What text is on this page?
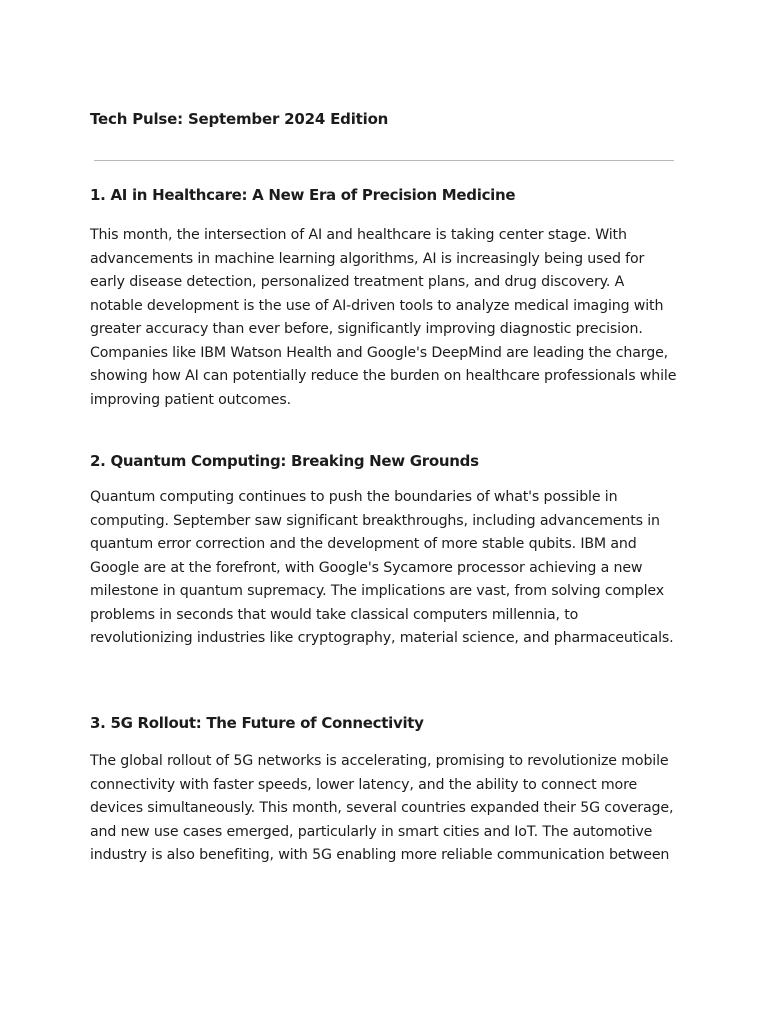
Tech Pulse: September 2024 Edition
1. AI in Healthcare: A New Era of Precision Medicine

This month, the intersection of AI and healthcare is taking center stage. With advancements in machine learning algorithms, AI is increasingly being used for early disease detection, personalized treatment plans, and drug discovery. A notable development is the use of AI-driven tools to analyze medical imaging with greater accuracy than ever before, significantly improving diagnostic precision. Companies like IBM Watson Health and Google's DeepMind are leading the charge, showing how AI can potentially reduce the burden on healthcare professionals while improving patient outcomes.

2. Quantum Computing: Breaking New Grounds

Quantum computing continues to push the boundaries of what's possible in computing. September saw significant breakthroughs, including advancements in quantum error correction and the development of more stable qubits. IBM and Google are at the forefront, with Google's Sycamore processor achieving a new milestone in quantum supremacy. The implications are vast, from solving complex problems in seconds that would take classical computers millennia, to revolutionizing industries like cryptography, material science, and pharmaceuticals.

3. 5G Rollout: The Future of Connectivity

The global rollout of 5G networks is accelerating, promising to revolutionize mobile connectivity with faster speeds, lower latency, and the ability to connect more devices simultaneously. This month, several countries expanded their 5G coverage, and new use cases emerged, particularly in smart cities and IoT. The automotive industry is also benefiting, with 5G enabling more reliable communication between
